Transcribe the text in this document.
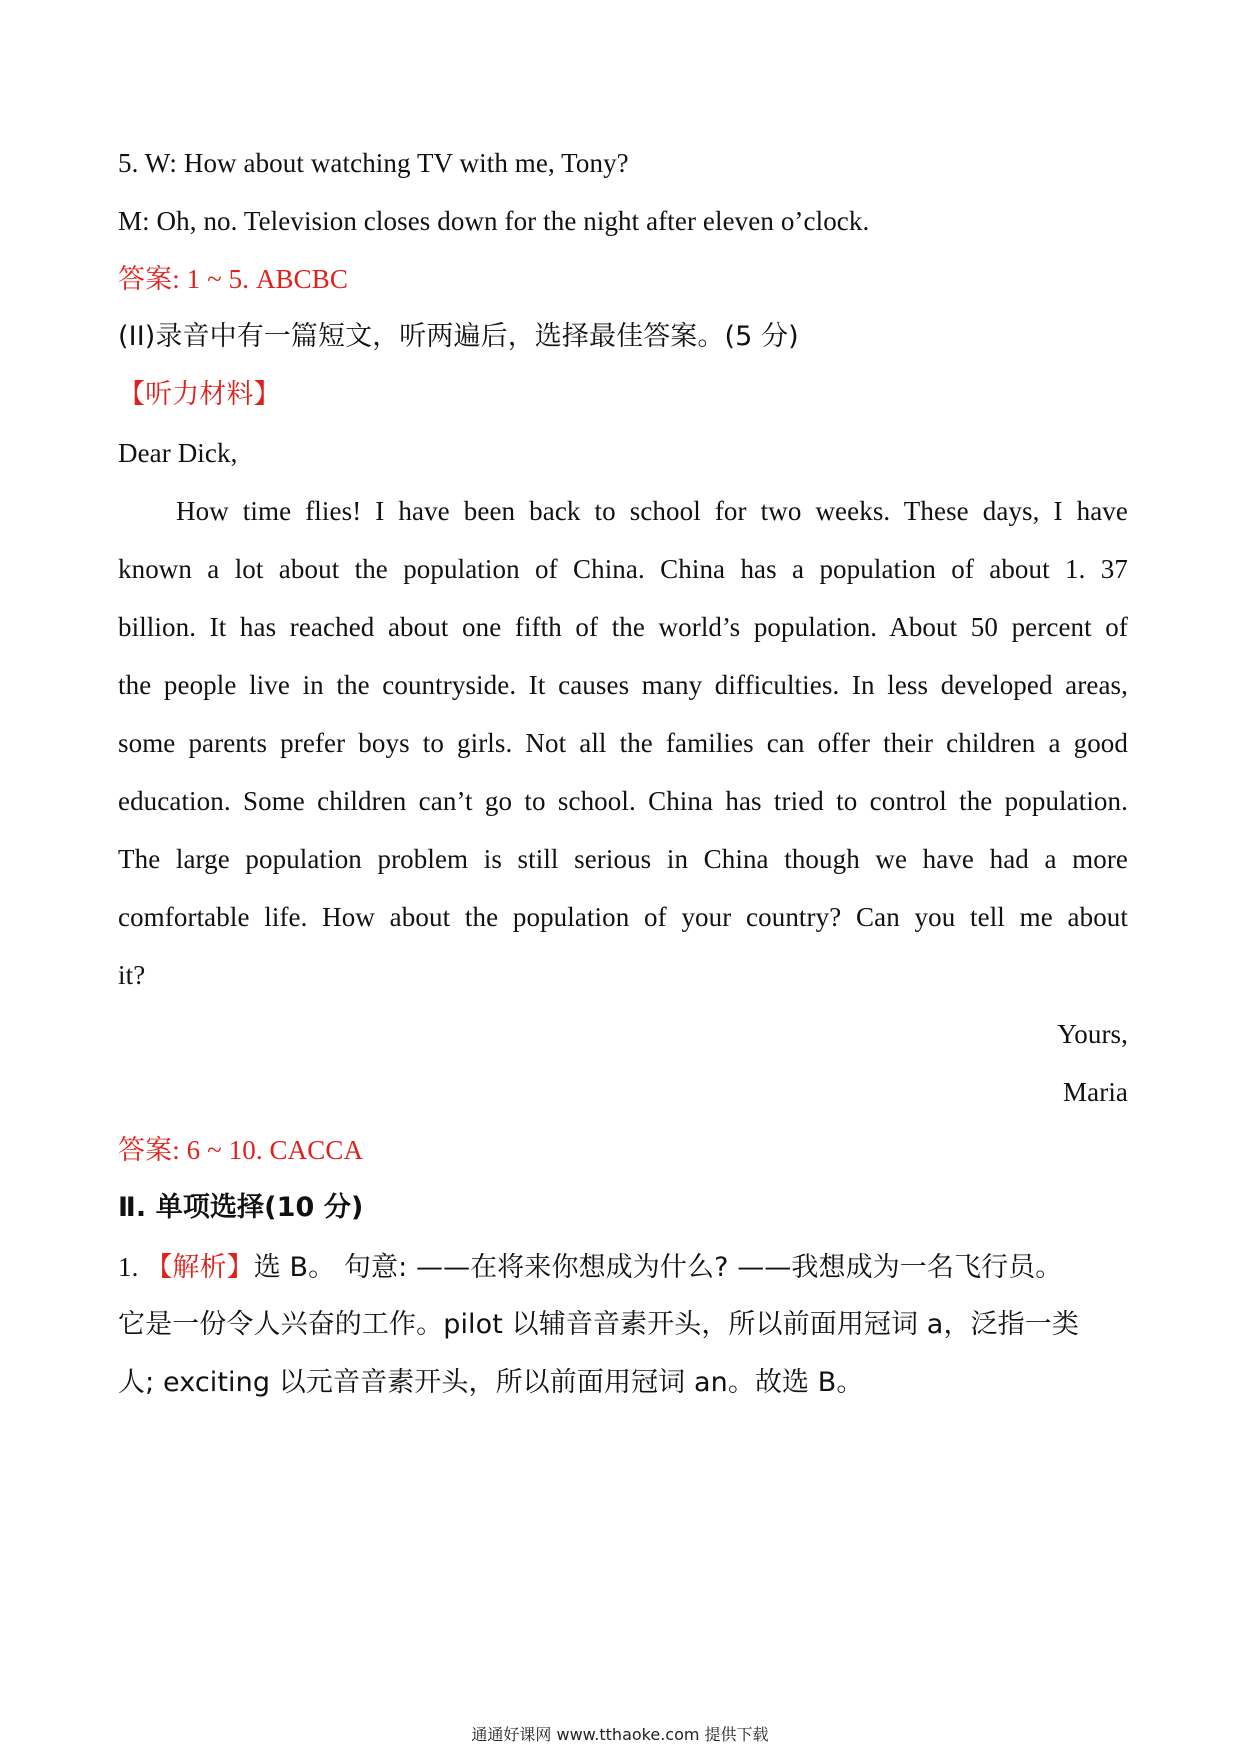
5. W: How about watching TV with me, Tony?
M: Oh, no. Television closes down for the night after eleven o’clock.
答案: 1 ~ 5. ABCBC
(II)录音中有一篇短文，听两遍后，选择最佳答案。(5 分)
【听力材料】
Dear Dick,
How time flies! I have been back to school for two weeks. These days, I have
known a lot about the population of China. China has a population of about 1. 37
billion. It has reached about one fifth of the world’s population. About 50 percent of
the people live in the countryside. It causes many difficulties. In less developed areas,
some parents prefer boys to girls. Not all the families can offer their children a good
education. Some children can’t go to school. China has tried to control the population.
The large population problem is still serious in China though we have had a more
comfortable life. How about the population of your country? Can you tell me about
it?
Yours,
Maria
答案: 6 ~ 10. CACCA
Ⅱ. 单项选择(10 分)
1. 【解析】选 B。 句意: ——在将来你想成为什么? ——我想成为一名飞行员。
它是一份令人兴奋的工作。pilot 以辅音音素开头，所以前面用冠词 a，泛指一类
人; exciting 以元音音素开头，所以前面用冠词 an。故选 B。
通通好课网 www.tthaoke.com 提供下载
